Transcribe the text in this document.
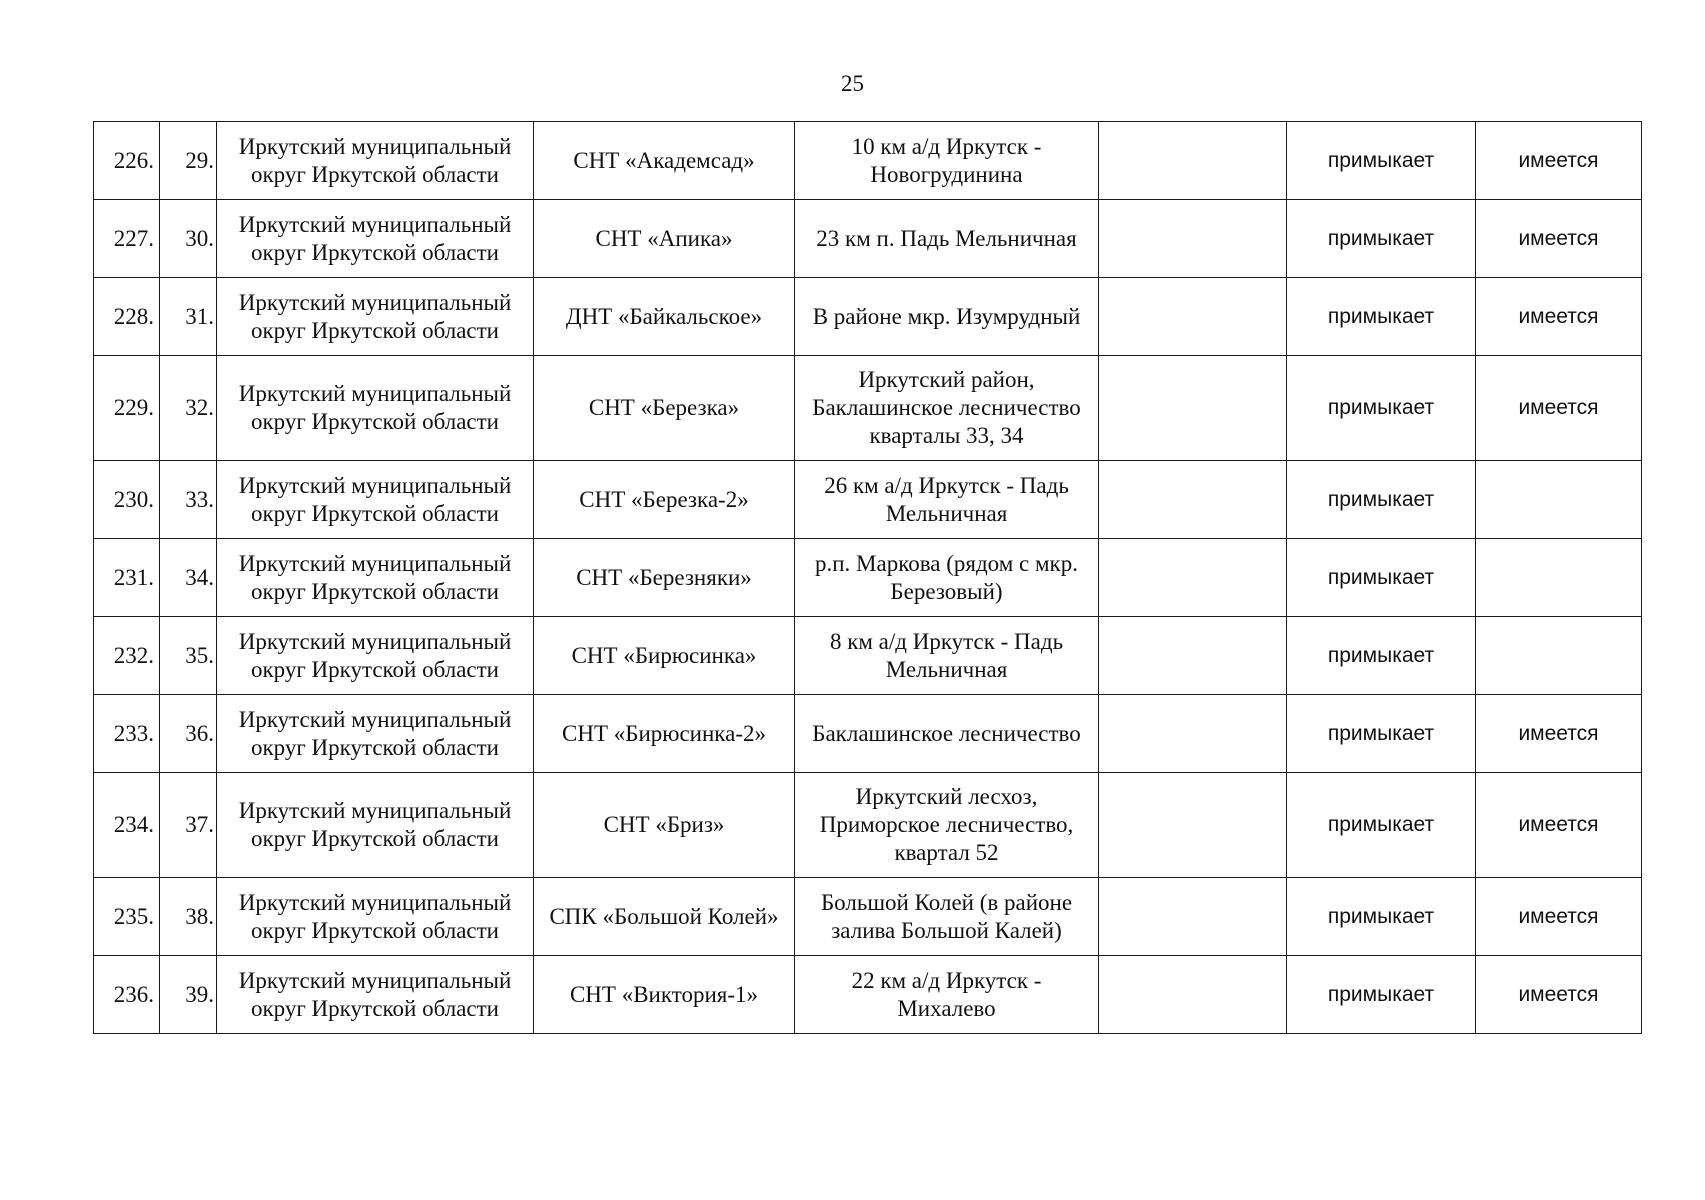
25
226.	29.	Иркутский муниципальный округ Иркутской области	СНТ «Академсад»	10 км а/д Иркутск - Новогрудинина		примыкает	имеется
227.	30.	Иркутский муниципальный округ Иркутской области	СНТ «Апика»	23 км п. Падь Мельничная		примыкает	имеется
228.	31.	Иркутский муниципальный округ Иркутской области	ДНТ «Байкальское»	В районе мкр. Изумрудный		примыкает	имеется
229.	32.	Иркутский муниципальный округ Иркутской области	СНТ «Березка»	Иркутский район, Баклашинское лесничество кварталы 33, 34		примыкает	имеется
230.	33.	Иркутский муниципальный округ Иркутской области	СНТ «Березка-2»	26 км а/д Иркутск - Падь Мельничная		примыкает	
231.	34.	Иркутский муниципальный округ Иркутской области	СНТ «Березняки»	р.п. Маркова (рядом с мкр. Березовый)		примыкает	
232.	35.	Иркутский муниципальный округ Иркутской области	СНТ «Бирюсинка»	8 км а/д Иркутск - Падь Мельничная		примыкает	
233.	36.	Иркутский муниципальный округ Иркутской области	СНТ «Бирюсинка-2»	Баклашинское лесничество		примыкает	имеется
234.	37.	Иркутский муниципальный округ Иркутской области	СНТ «Бриз»	Иркутский лесхоз, Приморское лесничество, квартал 52		примыкает	имеется
235.	38.	Иркутский муниципальный округ Иркутской области	СПК «Большой Колей»	Большой Колей (в районе залива Большой Калей)		примыкает	имеется
236.	39.	Иркутский муниципальный округ Иркутской области	СНТ «Виктория-1»	22 км а/д Иркутск - Михалево		примыкает	имеется
